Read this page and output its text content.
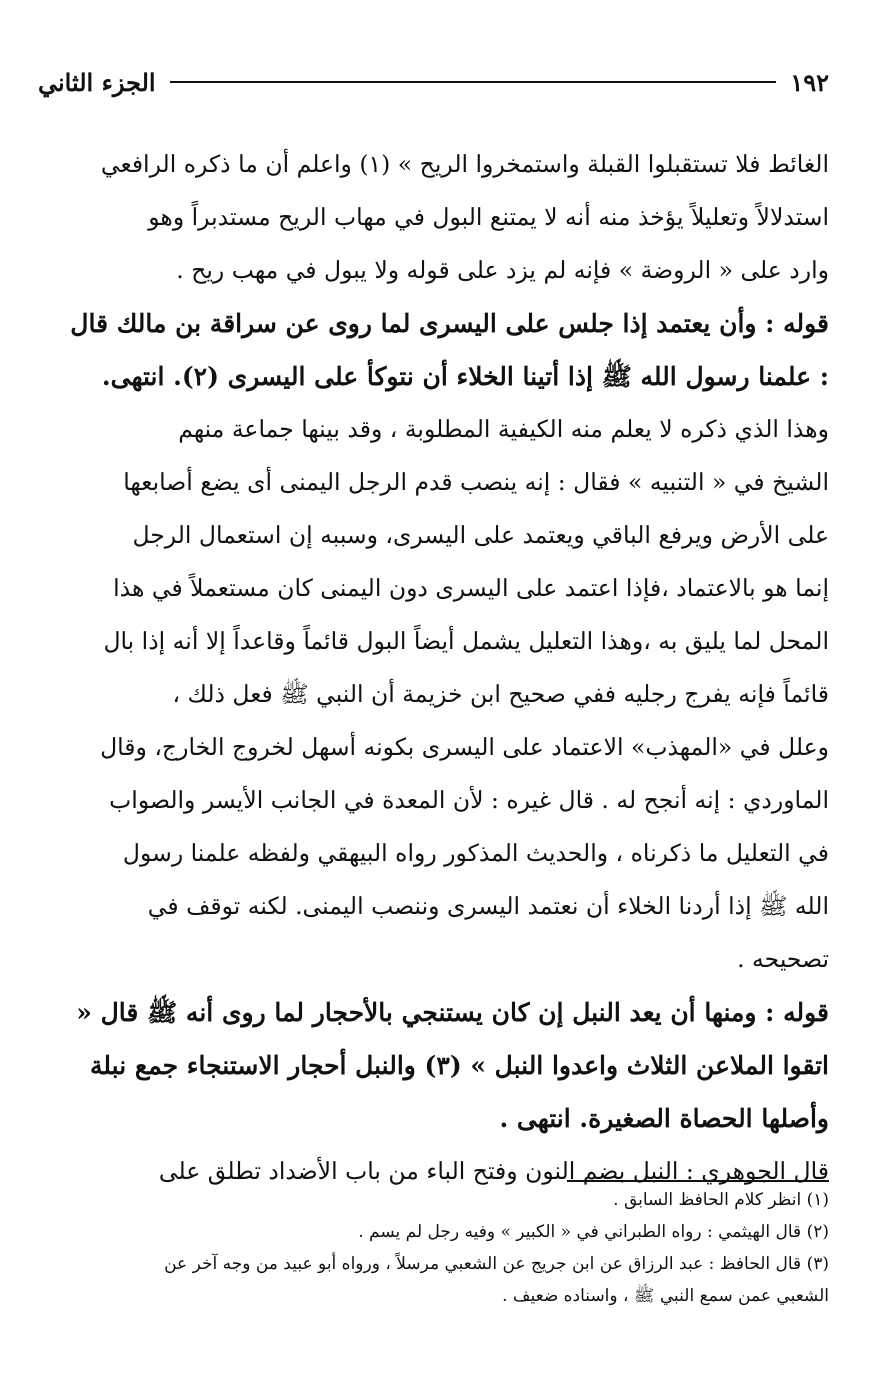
١٩٢
الجزء الثاني
الغائط فلا تستقبلوا القبلة واستمخروا الريح » (١) واعلم أن ما ذكره الرافعي
استدلالاً وتعليلاً يؤخذ منه أنه لا يمتنع البول في مهاب الريح مستدبراً وهو
وارد على « الروضة » فإنه لم يزد على قوله ولا يبول في مهب ريح .
قوله : وأن يعتمد إذا جلس على اليسرى لما روى عن سراقة بن مالك قال
: علمنا رسول الله ﷺ إذا أتينا الخلاء أن نتوكأ على اليسرى (٢). انتهى.
وهذا الذي ذكره لا يعلم منه الكيفية المطلوبة ، وقد بينها جماعة منهم
الشيخ في « التنبيه » فقال : إنه ينصب قدم الرجل اليمنى أى يضع أصابعها
على الأرض ويرفع الباقي ويعتمد على اليسرى، وسببه إن استعمال الرجل
إنما هو بالاعتماد ،فإذا اعتمد على اليسرى دون اليمنى كان مستعملاً في هذا
المحل لما يليق به ،وهذا التعليل يشمل أيضاً البول قائماً وقاعداً إلا أنه إذا بال
قائماً فإنه يفرج رجليه ففي صحيح ابن خزيمة أن النبي ﷺ فعل ذلك ،
وعلل في «المهذب» الاعتماد على اليسرى بكونه أسهل لخروج الخارج، وقال
الماوردي : إنه أنجح له . قال غيره : لأن المعدة في الجانب الأيسر والصواب
في التعليل ما ذكرناه ، والحديث المذكور رواه البيهقي ولفظه علمنا رسول
الله ﷺ إذا أردنا الخلاء أن نعتمد اليسرى وننصب اليمنى. لكنه توقف في
تصحيحه .
قوله : ومنها أن يعد النبل إن كان يستنجي بالأحجار لما روى أنه ﷺ قال «
اتقوا الملاعن الثلاث واعدوا النبل » (٣) والنبل أحجار الاستنجاء جمع نبلة
وأصلها الحصاة الصغيرة. انتهى .
قال الجوهري : النبل بضم النون وفتح الباء من باب الأضداد تطلق على
(١) انظر كلام الحافظ السابق .
(٢) قال الهيثمي : رواه الطبراني في « الكبير » وفيه رجل لم يسم .
(٣) قال الحافظ : عبد الرزاق عن ابن جريج عن الشعبي مرسلاً ، ورواه أبو عبيد من وجه آخر عن
الشعبي عمن سمع النبي ﷺ ، واسناده ضعيف .
